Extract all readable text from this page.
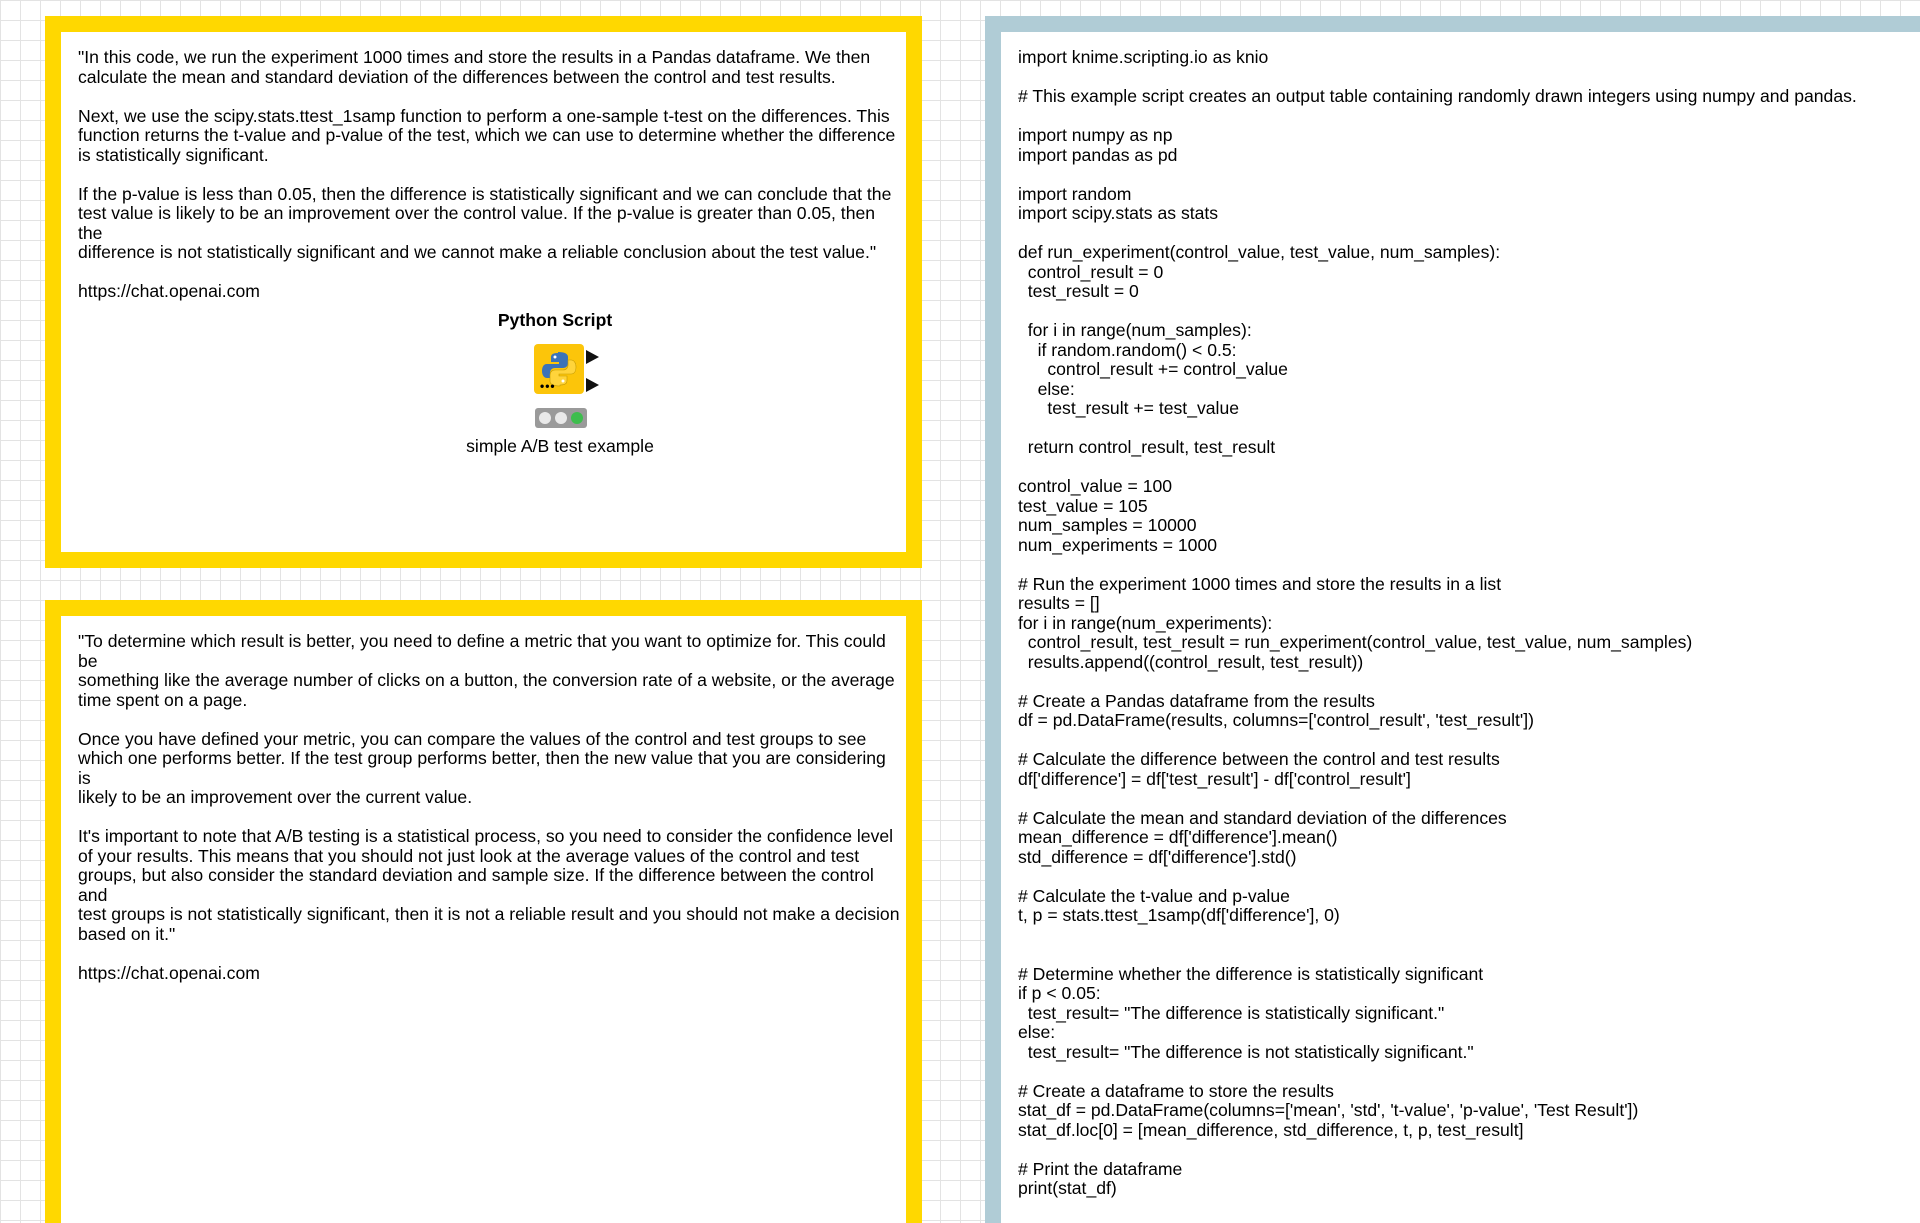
"In this code, we run the experiment 1000 times and store the results in a Pandas dataframe. We then
calculate the mean and standard deviation of the differences between the control and test results.

Next, we use the scipy.stats.ttest_1samp function to perform a one-sample t-test on the differences. This
function returns the t-value and p-value of the test, which we can use to determine whether the difference
is statistically significant.

If the p-value is less than 0.05, then the difference is statistically significant and we can conclude that the
test value is likely to be an improvement over the control value. If the p-value is greater than 0.05, then the
difference is not statistically significant and we cannot make a reliable conclusion about the test value."

https://chat.openai.com
Python Script
•••
simple A/B test example
"To determine which result is better, you need to define a metric that you want to optimize for. This could be
something like the average number of clicks on a button, the conversion rate of a website, or the average
time spent on a page.

Once you have defined your metric, you can compare the values of the control and test groups to see
which one performs better. If the test group performs better, then the new value that you are considering is
likely to be an improvement over the current value.

It's important to note that A/B testing is a statistical process, so you need to consider the confidence level
of your results. This means that you should not just look at the average values of the control and test
groups, but also consider the standard deviation and sample size. If the difference between the control and
test groups is not statistically significant, then it is not a reliable result and you should not make a decision
based on it."

https://chat.openai.com
import knime.scripting.io as knio

# This example script creates an output table containing randomly drawn integers using numpy and pandas.

import numpy as np
import pandas as pd

import random
import scipy.stats as stats

def run_experiment(control_value, test_value, num_samples):
control_result = 0
test_result = 0

for i in range(num_samples):
if random.random() < 0.5:
control_result += control_value
else:
test_result += test_value

return control_result, test_result

control_value = 100
test_value = 105
num_samples = 10000
num_experiments = 1000

# Run the experiment 1000 times and store the results in a list
results = []
for i in range(num_experiments):
control_result, test_result = run_experiment(control_value, test_value, num_samples)
results.append((control_result, test_result))

# Create a Pandas dataframe from the results
df = pd.DataFrame(results, columns=['control_result', 'test_result'])

# Calculate the difference between the control and test results
df['difference'] = df['test_result'] - df['control_result']

# Calculate the mean and standard deviation of the differences
mean_difference = df['difference'].mean()
std_difference = df['difference'].std()

# Calculate the t-value and p-value
t, p = stats.ttest_1samp(df['difference'], 0)

# Determine whether the difference is statistically significant
if p < 0.05:
test_result= "The difference is statistically significant."
else:
test_result= "The difference is not statistically significant."

# Create a dataframe to store the results
stat_df = pd.DataFrame(columns=['mean', 'std', 't-value', 'p-value', 'Test Result'])
stat_df.loc[0] = [mean_difference, std_difference, t, p, test_result]

# Print the dataframe
print(stat_df)
